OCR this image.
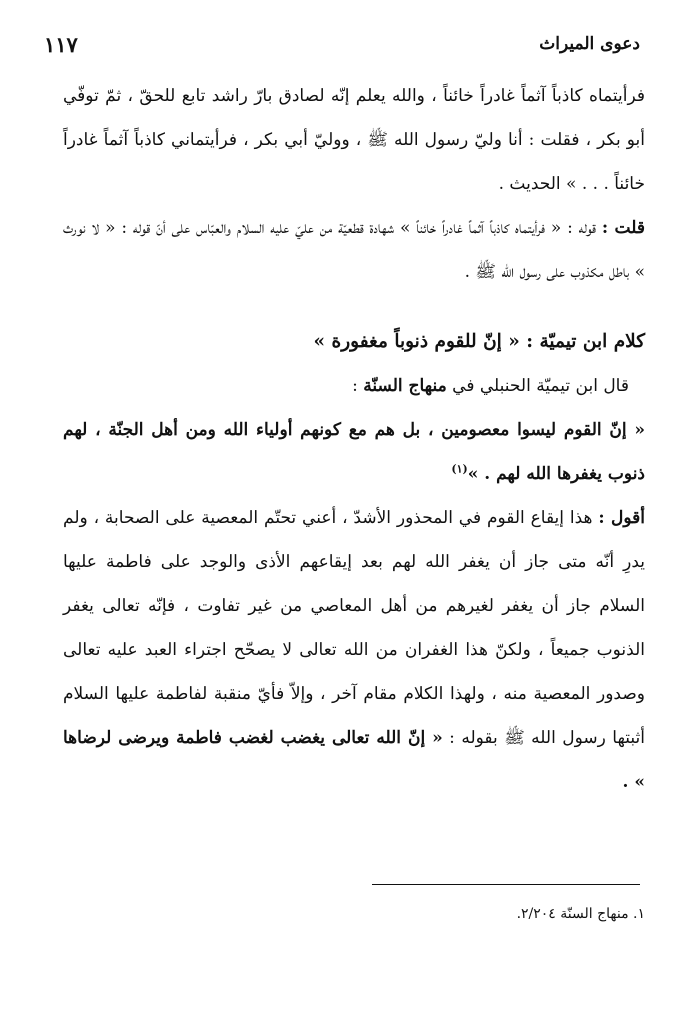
دعوى الميراث
١١٧

فرأيتماه كاذباً آثماً غادراً خائناً ، والله يعلم إنّه لصادق بارّ راشد تابع للحقّ ، ثمّ توفّي أبو بكر ، فقلت : أنا وليّ رسول الله ﷺ ، ووليّ أبي بكر ، فرأيتماني كاذباً آثماً غادراً خائناً . . . » الحديث .

قلت : قوله : « فرأيتماه كاذباً آثماً غادراً خائناً » شهادة قطعيّة من عليّ عليه السلام والعبّاس على أنّ قوله : « لا نورث » باطل مكذوب على رسول الله ﷺ .

كلام ابن تيميّة : « إنّ للقوم ذنوباً مغفورة »

قال ابن تيميّة الحنبلي في منهاج السنّة :

« إنّ القوم ليسوا معصومين ، بل هم مع كونهم أولياء الله ومن أهل الجنّة ، لهم ذنوب يغفرها الله لهم . »$^{(١)}$

أقول : هذا إيقاع القوم في المحذور الأشدّ ، أعني تحتّم المعصية على الصحابة ، ولم يدرِ أنّه متى جاز أن يغفر الله لهم بعد إيقاعهم الأذى والوجد على فاطمة عليها السلام جاز أن يغفر لغيرهم من أهل المعاصي من غير تفاوت ، فإنّه تعالى يغفر الذنوب جميعاً ، ولكنّ هذا الغفران من الله تعالى لا يصحّح اجتراء العبد عليه تعالى وصدور المعصية منه ، ولهذا الكلام مقام آخر ، وإلاّ فأيّ منقبة لفاطمة عليها السلام أثبتها رسول الله ﷺ بقوله : « إنّ الله تعالى يغضب لغضب فاطمة ويرضى لرضاها » .

١. منهاج السنّة ٢/٢٠٤.
